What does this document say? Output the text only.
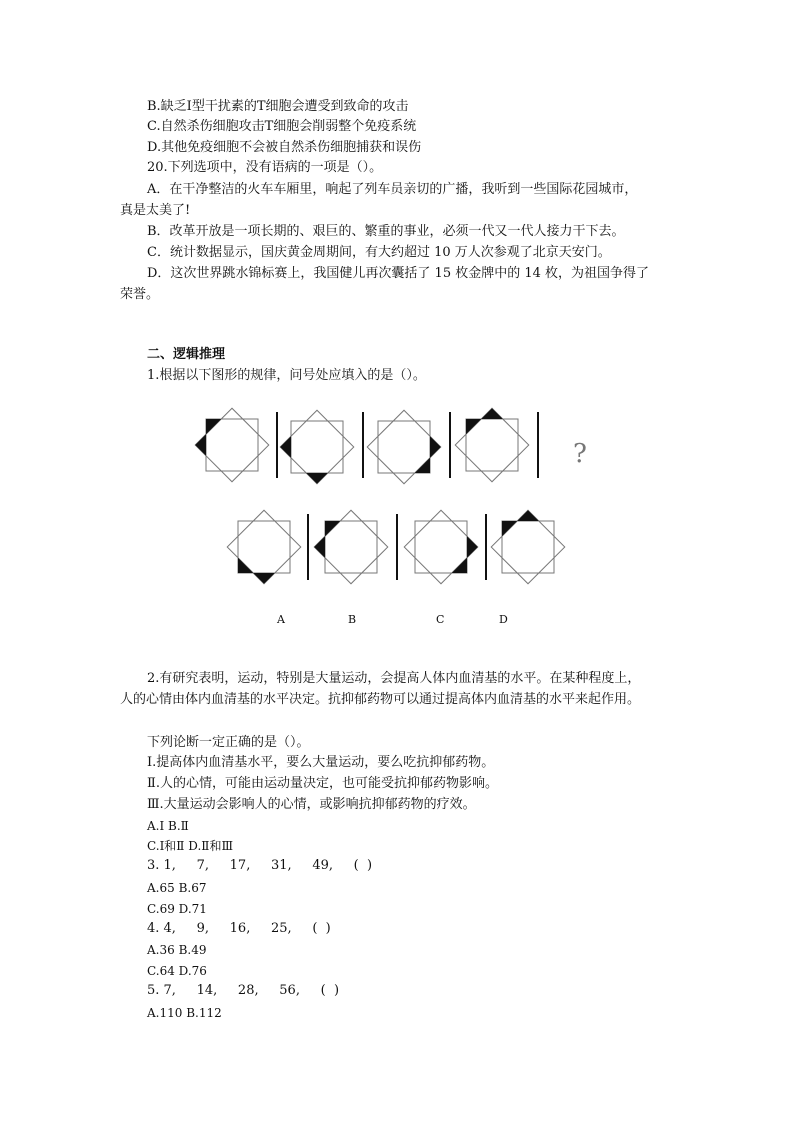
B.缺乏Ⅰ型干扰素的T细胞会遭受到致命的攻击
C.自然杀伤细胞攻击T细胞会削弱整个免疫系统
D.其他免疫细胞不会被自然杀伤细胞捕获和误伤
20.下列选项中，没有语病的一项是（）。
A．在干净整洁的火车车厢里，响起了列车员亲切的广播，我听到一些国际花园城市，
真是太美了!
B．改革开放是一项长期的、艰巨的、繁重的事业，必须一代又一代人接力干下去。
C．统计数据显示，国庆黄金周期间，有大约超过 10 万人次参观了北京天安门。
D．这次世界跳水锦标赛上，我国健儿再次囊括了 15 枚金牌中的 14 枚，为祖国争得了
荣誉。
二、逻辑推理
1.根据以下图形的规律，问号处应填入的是（）。
?
A	B	C	D
2.有研究表明，运动，特别是大量运动，会提高人体内血清基的水平。在某种程度上，
人的心情由体内血清基的水平决定。抗抑郁药物可以通过提高体内血清基的水平来起作用。
下列论断一定正确的是（）。
Ⅰ.提高体内血清基水平，要么大量运动，要么吃抗抑郁药物。
Ⅱ.人的心情，可能由运动量决定，也可能受抗抑郁药物影响。
Ⅲ.大量运动会影响人的心情，或影响抗抑郁药物的疗效。
A.Ⅰ B.Ⅱ
C.Ⅰ和Ⅱ D.Ⅱ和Ⅲ
3. 1,     7,     17,     31,     49,     (  )
A.65 B.67
C.69 D.71
4. 4,     9,     16,     25,     (  )
A.36 B.49
C.64 D.76
5. 7,     14,     28,     56,     (  )
A.110 B.112
